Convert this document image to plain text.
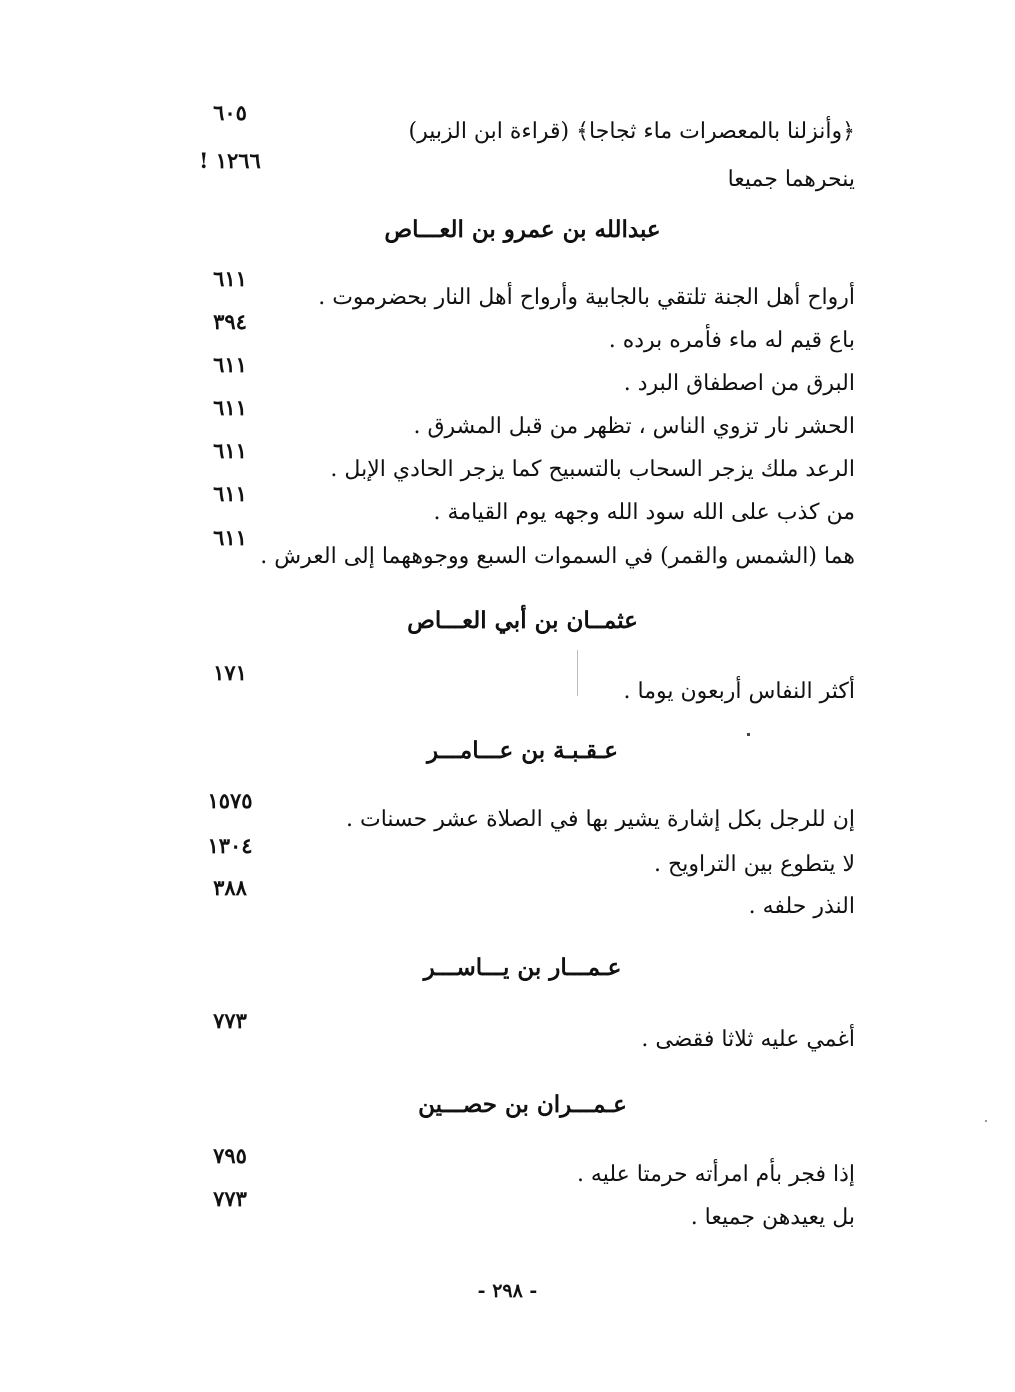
﴿وأنزلنا بالمعصرات ماء ثجاجا﴾ (قراءة ابن الزبير)
٦٠٥
ينحرهما جميعا
١٢٦٦ !
عبدالله بن عمرو بن العـــاص
أرواح أهل الجنة تلتقي بالجابية وأرواح أهل النار بحضرموت .
٦١١
باع قيم له ماء فأمره برده .
٣٩٤
البرق من اصطفاق البرد .
٦١١
الحشر نار تزوي الناس ، تظهر من قبل المشرق .
٦١١
الرعد ملك يزجر السحاب بالتسبيح كما يزجر الحادي الإبل .
٦١١
من كذب على الله سود الله وجهه يوم القيامة .
٦١١
هما (الشمس والقمر) في السموات السبع ووجوههما إلى العرش .
٦١١
عثمــان بن أبي العـــاص
أكثر النفاس أربعون يوما .
١٧١
عـقـبـة بن عـــامـــر
إن للرجل بكل إشارة يشير بها في الصلاة عشر حسنات .
١٥٧٥
لا يتطوع بين التراويح .
١٣٠٤
النذر حلفه .
٣٨٨
عـمـــار بن يـــاســـر
أغمي عليه ثلاثا فقضى .
٧٧٣
عـمـــران بن حصـــين
إذا فجر بأم امرأته حرمتا عليه .
٧٩٥
بل يعيدهن جميعا .
٧٧٣
- ٢٩٨ -
